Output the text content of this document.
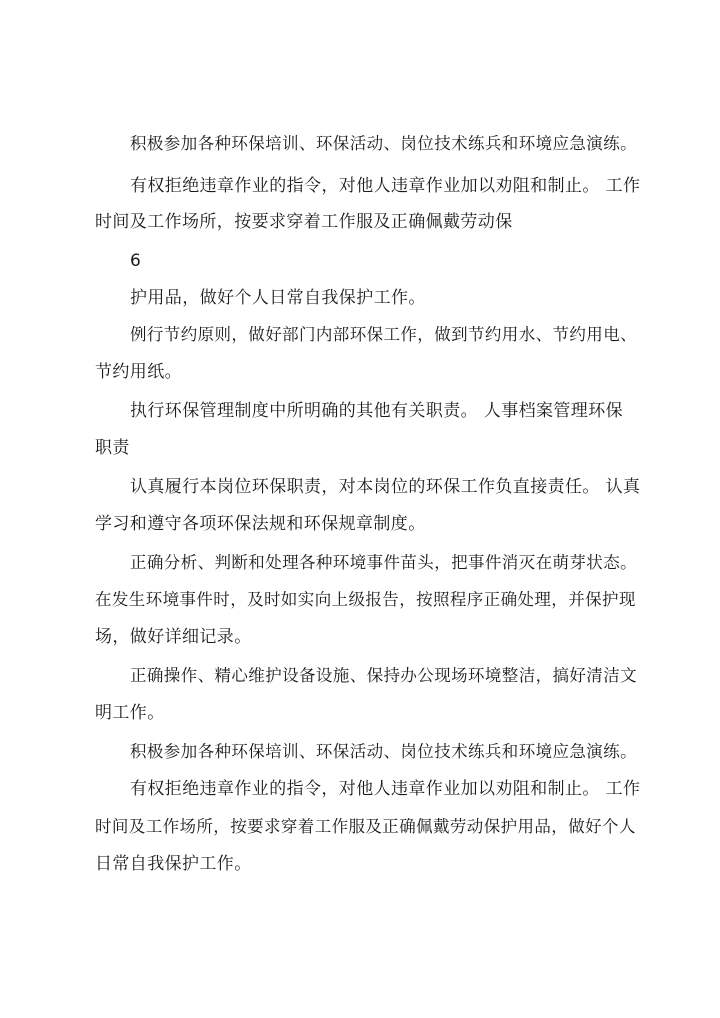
积极参加各种环保培训、环保活动、岗位技术练兵和环境应急演练。
有权拒绝违章作业的指令，对他人违章作业加以劝阻和制止。 工作
时间及工作场所，按要求穿着工作服及正确佩戴劳动保
6
护用品，做好个人日常自我保护工作。
例行节约原则，做好部门内部环保工作，做到节约用水、节约用电、
节约用纸。
执行环保管理制度中所明确的其他有关职责。 人事档案管理环保
职责
认真履行本岗位环保职责，对本岗位的环保工作负直接责任。 认真
学习和遵守各项环保法规和环保规章制度。
正确分析、判断和处理各种环境事件苗头，把事件消灭在萌芽状态。
在发生环境事件时，及时如实向上级报告，按照程序正确处理，并保护现
场，做好详细记录。
正确操作、精心维护设备设施、保持办公现场环境整洁，搞好清洁文
明工作。
积极参加各种环保培训、环保活动、岗位技术练兵和环境应急演练。
有权拒绝违章作业的指令，对他人违章作业加以劝阻和制止。 工作
时间及工作场所，按要求穿着工作服及正确佩戴劳动保护用品，做好个人
日常自我保护工作。
